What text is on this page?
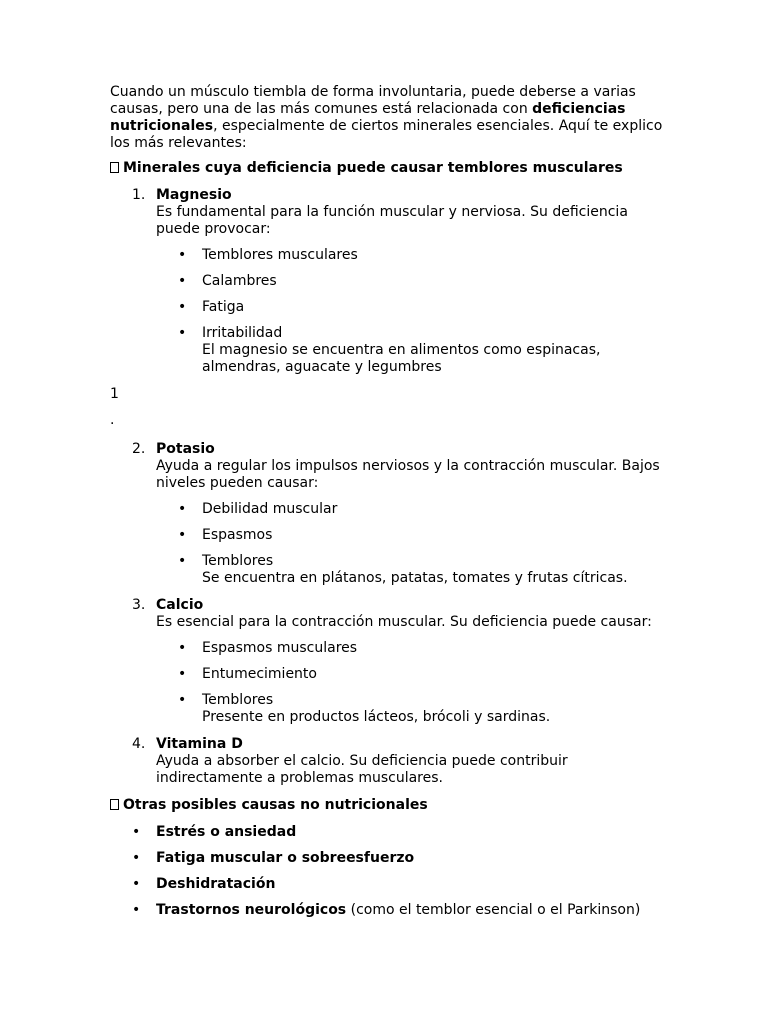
Cuando un músculo tiembla de forma involuntaria, puede deberse a varias causas, pero una de las más comunes está relacionada con deficiencias nutricionales, especialmente de ciertos minerales esenciales. Aquí te explico los más relevantes:

Minerales cuya deficiencia puede causar temblores musculares

1. Magnesio
Es fundamental para la función muscular y nerviosa. Su deficiencia puede provocar:
• Temblores musculares
• Calambres
• Fatiga
• Irritabilidad
El magnesio se encuentra en alimentos como espinacas, almendras, aguacate y legumbres

1

.

2. Potasio
Ayuda a regular los impulsos nerviosos y la contracción muscular. Bajos niveles pueden causar:
• Debilidad muscular
• Espasmos
• Temblores
Se encuentra en plátanos, patatas, tomates y frutas cítricas.
3. Calcio
Es esencial para la contracción muscular. Su deficiencia puede causar:
• Espasmos musculares
• Entumecimiento
• Temblores
Presente en productos lácteos, brócoli y sardinas.
4. Vitamina D
Ayuda a absorber el calcio. Su deficiencia puede contribuir indirectamente a problemas musculares.

Otras posibles causas no nutricionales

• Estrés o ansiedad
• Fatiga muscular o sobreesfuerzo
• Deshidratación
• Trastornos neurológicos (como el temblor esencial o el Parkinson)
